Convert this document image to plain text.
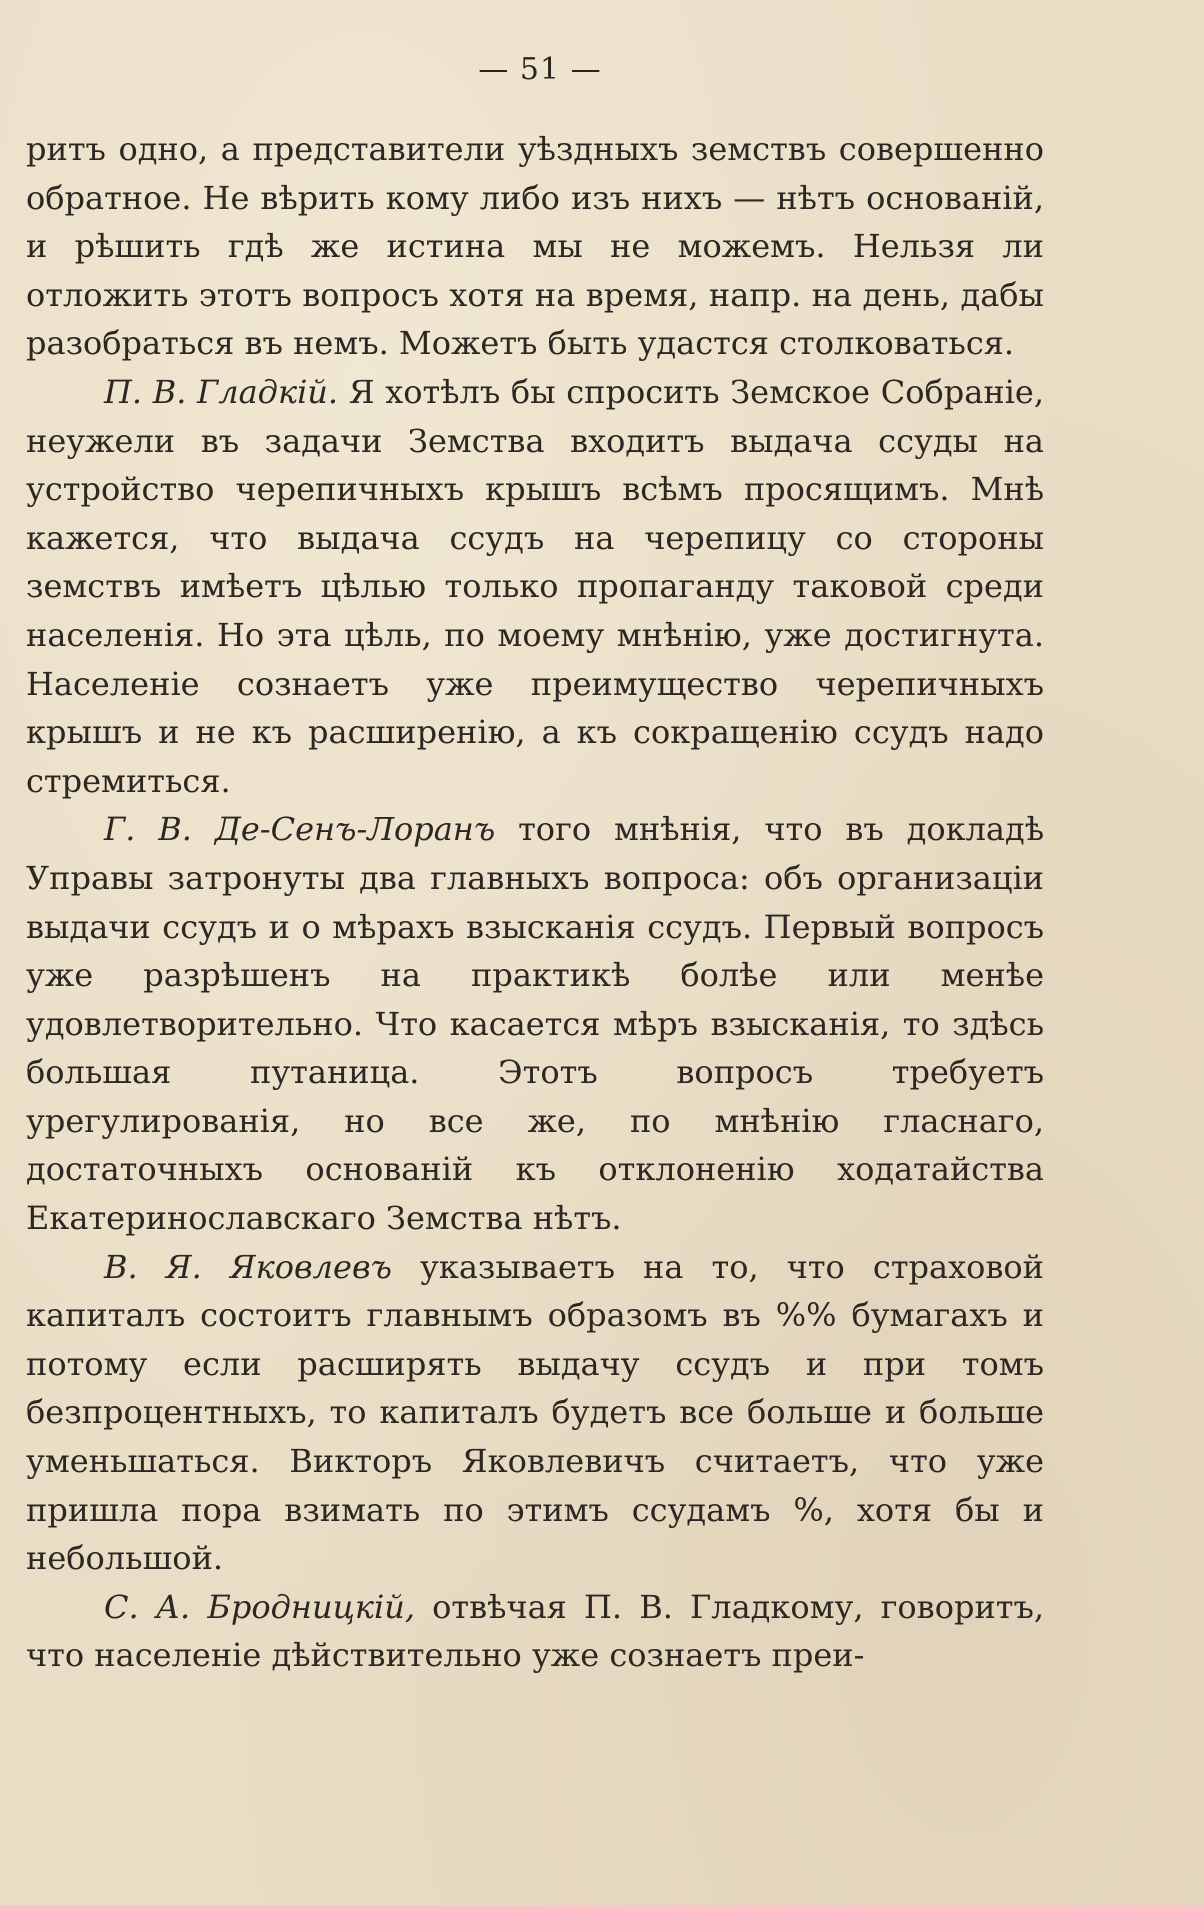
— 51 —

ритъ одно, а представители уѣздныхъ земствъ совершенно обратное. Не вѣрить кому либо изъ нихъ — нѣтъ основаній, и рѣшить гдѣ же истина мы не можемъ. Нельзя ли отложить этотъ вопросъ хотя на время, напр. на день, дабы разобраться въ немъ. Можетъ быть удастся столковаться.

П. В. Гладкій. Я хотѣлъ бы спросить Земское Собраніе, неужели въ задачи Земства входитъ выдача ссуды на устройство черепичныхъ крышъ всѣмъ просящимъ. Мнѣ кажется, что выдача ссудъ на черепицу со стороны земствъ имѣетъ цѣлью только пропаганду таковой среди населенія. Но эта цѣль, по моему мнѣнію, уже достигнута. Населеніе сознаетъ уже преимущество черепичныхъ крышъ и не къ расширенію, а къ сокращенію ссудъ надо стремиться.

Г. В. Де-Сенъ-Лоранъ того мнѣнія, что въ докладѣ Управы затронуты два главныхъ вопроса: объ организаціи выдачи ссудъ и о мѣрахъ взысканія ссудъ. Первый вопросъ уже разрѣшенъ на практикѣ болѣе или менѣе удовлетворительно. Что касается мѣръ взысканія, то здѣсь большая путаница. Этотъ вопросъ требуетъ урегулированія, но все же, по мнѣнію гласнаго, достаточныхъ основаній къ отклоненію ходатайства Екатеринославскаго Земства нѣтъ.

В. Я. Яковлевъ указываетъ на то, что страховой капиталъ состоитъ главнымъ образомъ въ %% бумагахъ и потому если расширять выдачу ссудъ и при томъ безпроцентныхъ, то капиталъ будетъ все больше и больше уменьшаться. Викторъ Яковлевичъ считаетъ, что уже пришла пора взимать по этимъ ссудамъ %, хотя бы и небольшой.

С. А. Бродницкій, отвѣчая П. В. Гладкому, говоритъ, что населеніе дѣйствительно уже сознаетъ преи-
